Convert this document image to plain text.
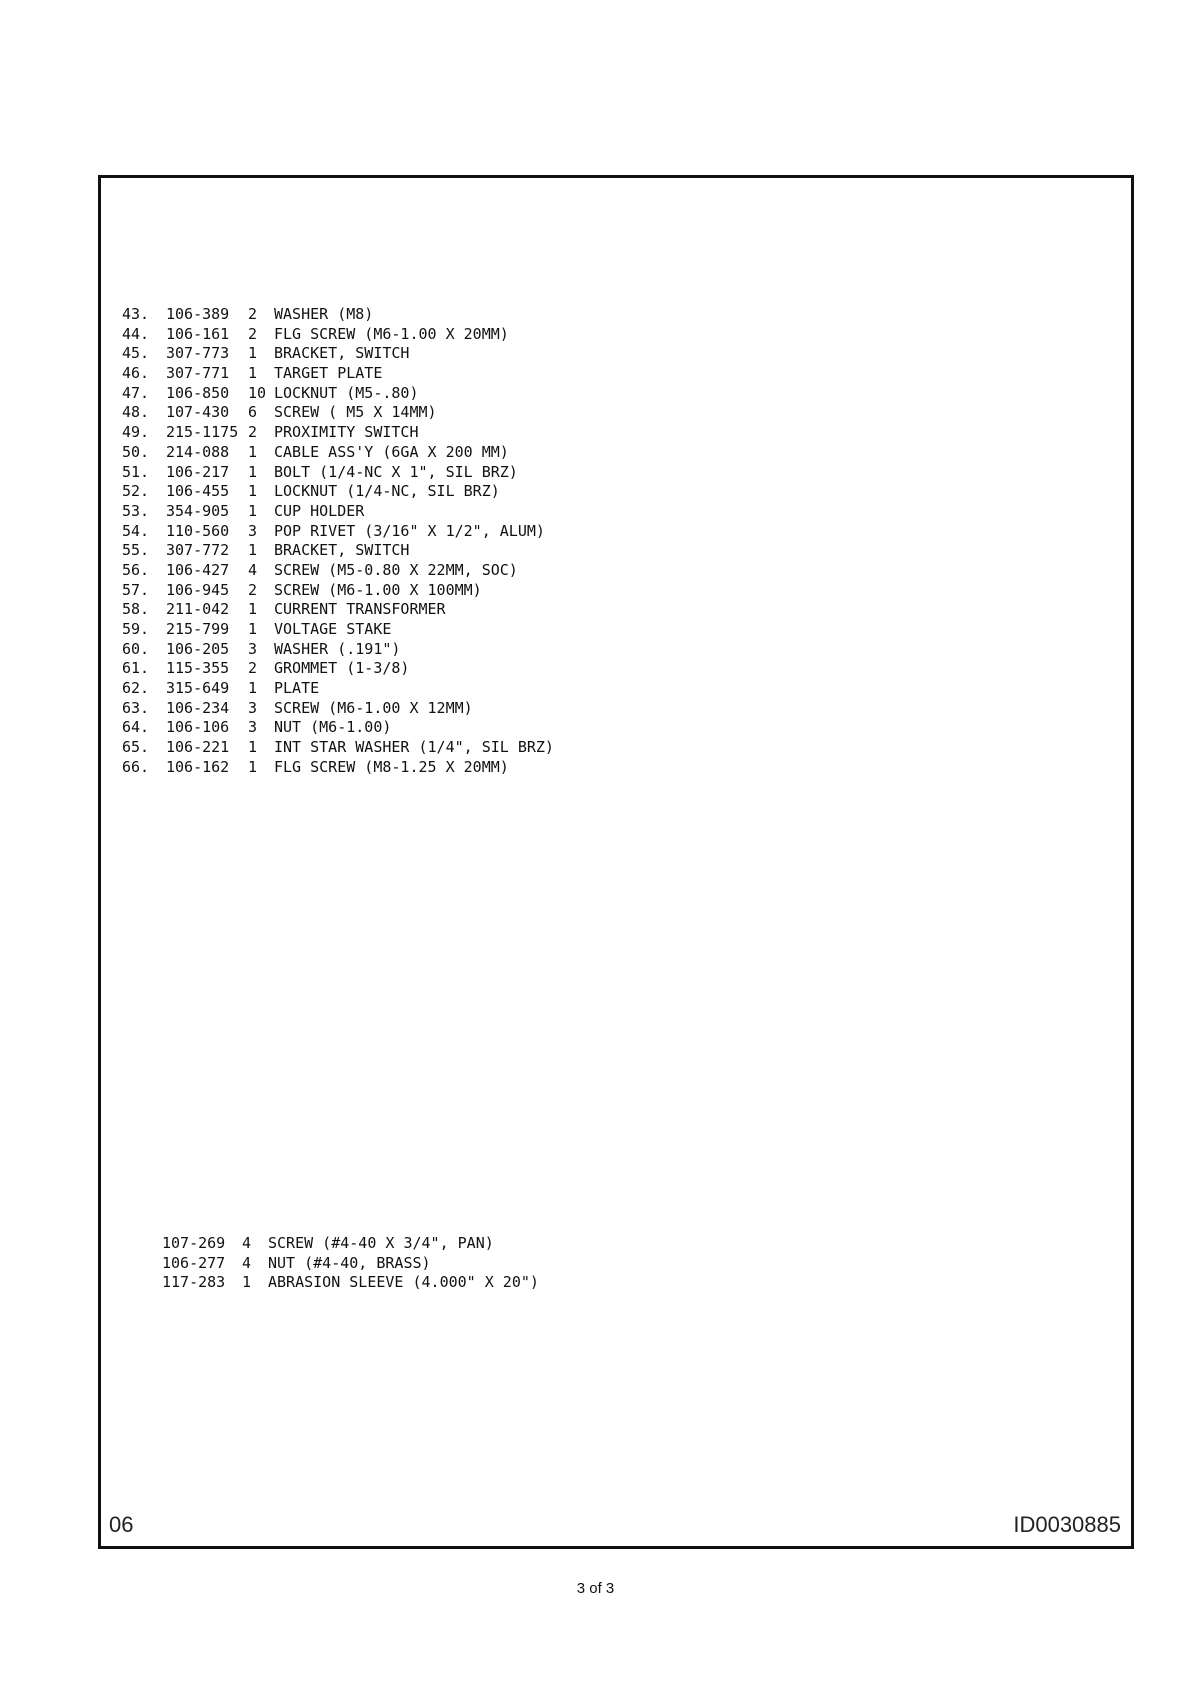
06	ID0030885
43.	106-389	2	WASHER (M8)
44.	106-161	2	FLG SCREW (M6-1.00 X 20MM)
45.	307-773	1	BRACKET, SWITCH
46.	307-771	1	TARGET PLATE
47.	106-850	10 LOCKNUT (M5-.80)
48.	107-430	6	SCREW ( M5 X 14MM)
49.	215-1175 2	PROXIMITY SWITCH
50.	214-088	1	CABLE ASS'Y (6GA X 200 MM)
51.	106-217	1	BOLT (1/4-NC X 1", SIL BRZ)
52.	106-455	1	LOCKNUT (1/4-NC, SIL BRZ)
53.	354-905	1	CUP HOLDER
54.	110-560	3	POP RIVET (3/16" X 1/2", ALUM)
55.	307-772	1	BRACKET, SWITCH
56.	106-427	4	SCREW (M5-0.80 X 22MM, SOC)
57.	106-945	2	SCREW (M6-1.00 X 100MM)
58.	211-042	1	CURRENT TRANSFORMER
59.	215-799	1	VOLTAGE STAKE
60.	106-205	3	WASHER (.191")
61.	115-355	2	GROMMET (1-3/8)
62.	315-649	1	PLATE
63.	106-234	3	SCREW (M6-1.00 X 12MM)
64.	106-106	3	NUT (M6-1.00)
65.	106-221	1	INT STAR WASHER (1/4", SIL BRZ)
66.	106-162	1	FLG SCREW (M8-1.25 X 20MM)
107-269	4	SCREW (#4-40 X 3/4", PAN)
106-277	4	NUT (#4-40, BRASS)
117-283	1	ABRASION SLEEVE (4.000" X 20")
3 of 3
